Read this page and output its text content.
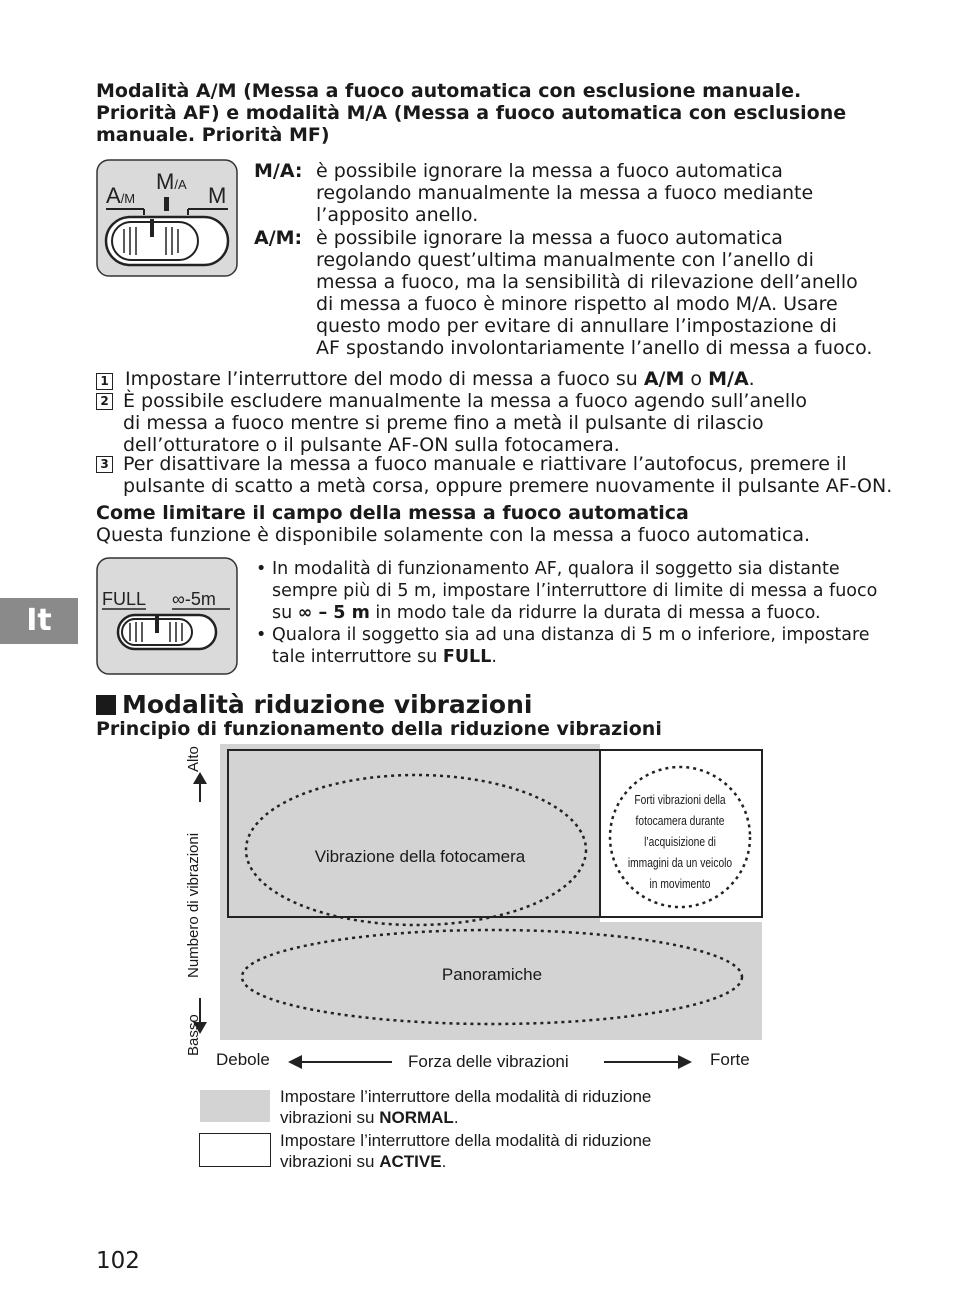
Modalità A/M (Messa a fuoco automatica con esclusione manuale.
Priorità AF) e modalità M/A (Messa a fuoco automatica con esclusione
manuale. Priorità MF)
A/M
M/A M
M/A: è possibile ignorare la messa a fuoco automatica
regolando manualmente la messa a fuoco mediante
l’apposito anello.
A/M: è possibile ignorare la messa a fuoco automatica
regolando quest’ultima manualmente con l’anello di
messa a fuoco, ma la sensibilità di rilevazione dell’anello
di messa a fuoco è minore rispetto al modo M/A. Usare
questo modo per evitare di annullare l’impostazione di
AF spostando involontariamente l’anello di messa a fuoco.
1 Impostare l’interruttore del modo di messa a fuoco su A/M o M/A.
2 È possibile escludere manualmente la messa a fuoco agendo sull’anello
di messa a fuoco mentre si preme fino a metà il pulsante di rilascio
dell’otturatore o il pulsante AF-ON sulla fotocamera.
3 Per disattivare la messa a fuoco manuale e riattivare l’autofocus, premere il
pulsante di scatto a metà corsa, oppure premere nuovamente il pulsante AF-ON.
Come limitare il campo della messa a fuoco automatica
Questa funzione è disponibile solamente con la messa a fuoco automatica.
FULL ∞-5m
• In modalità di funzionamento AF, qualora il soggetto sia distante
sempre più di 5 m, impostare l’interruttore di limite di messa a fuoco
su ∞ – 5 m in modo tale da ridurre la durata di messa a fuoco.
• Qualora il soggetto sia ad una distanza di 5 m o inferiore, impostare
tale interruttore su FULL.
It
Modalità riduzione vibrazioni
Principio di funzionamento della riduzione vibrazioni
Vibrazione della fotocamera
Panoramiche
Forti vibrazioni della
fotocamera durante
l’acquisizione di
immagini da un veicolo
in movimento
Basso
Numbero di vibrazioni
Alto
Debole	Forza delle vibrazioni	Forte
Impostare l’interruttore della modalità di riduzione
vibrazioni su NORMAL.
Impostare l’interruttore della modalità di riduzione
vibrazioni su ACTIVE.
102
